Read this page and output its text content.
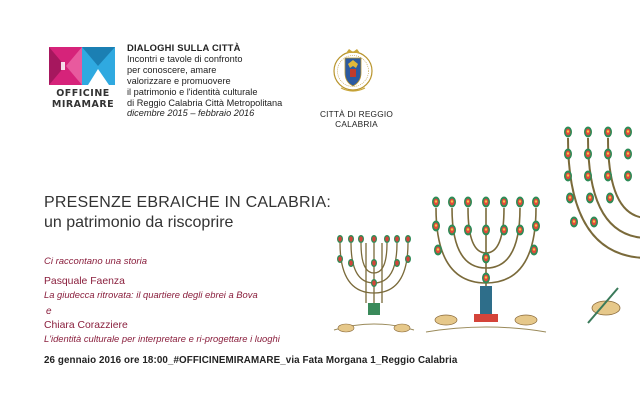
OFFICINE
MIRAMARE
DIALOGHI SULLA CITTÀ
Incontri e tavole di confronto
per conoscere, amare
valorizzare e promuovere
il patrimonio e l'identità culturale
di Reggio Calabria Città Metropolitana
dicembre 2015 – febbraio 2016	CITTÀ DI REGGIO CALABRIA
PRESENZE EBRAICHE IN CALABRIA:
un patrimonio da riscoprire
Ci raccontano una storia
Pasquale Faenza
La giudecca ritrovata: il quartiere degli ebrei a Bova
e
Chiara Corazziere
L'identità culturale per interpretare e ri-progettare i luoghi
26 gennaio 2016 ore 18:00_#OFFICINEMIRAMARE_via Fata Morgana 1_Reggio Calabria
